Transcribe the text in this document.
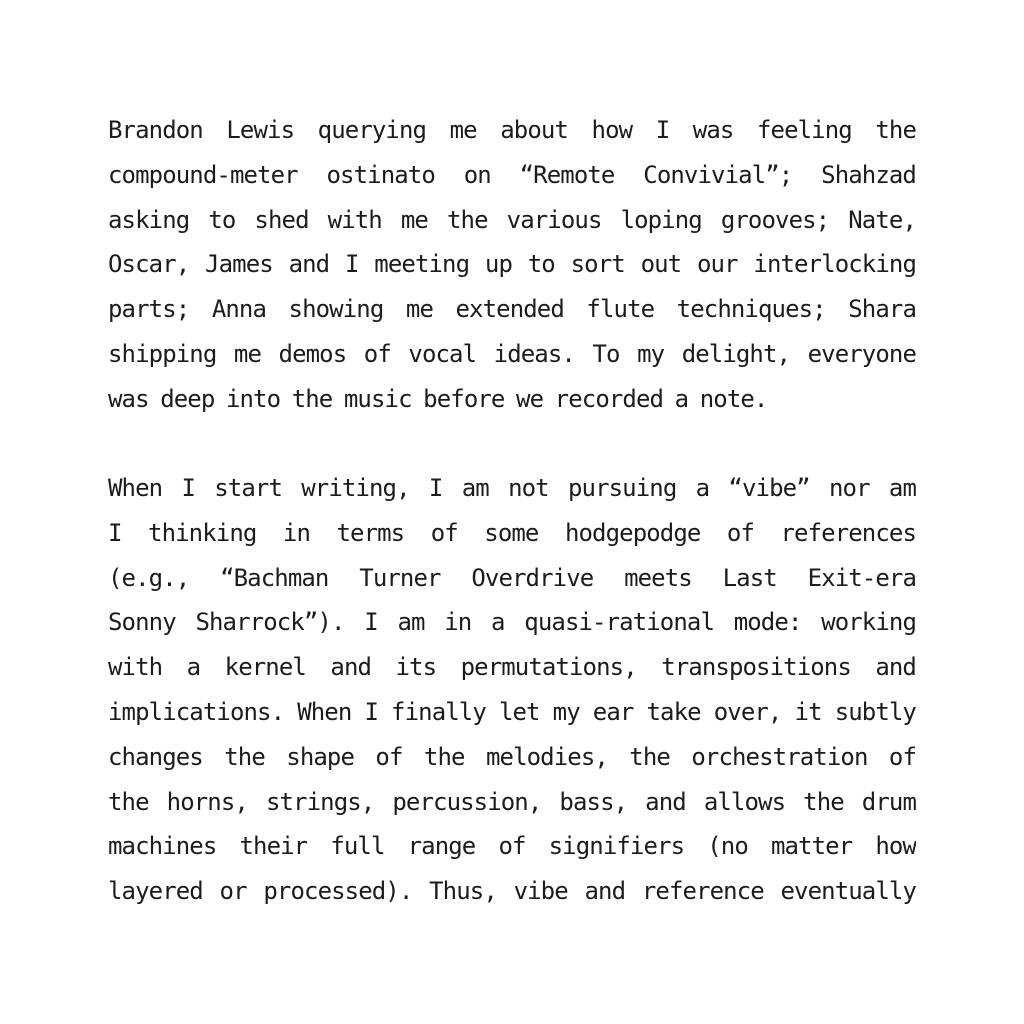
Brandon Lewis querying me about how I was feeling the
compound-meter ostinato on “Remote Convivial”; Shahzad
asking to shed with me the various loping grooves; Nate,
Oscar, James and I meeting up to sort out our interlocking
parts; Anna showing me extended flute techniques; Shara
shipping me demos of vocal ideas. To my delight, everyone
was deep into the music before we recorded a note.
When I start writing, I am not pursuing a “vibe” nor am
I thinking in terms of some hodgepodge of references
(e.g., “Bachman Turner Overdrive meets Last Exit-era
Sonny Sharrock”). I am in a quasi-rational mode: working
with a kernel and its permutations, transpositions and
implications. When I finally let my ear take over, it subtly
changes the shape of the melodies, the orchestration of
the horns, strings, percussion, bass, and allows the drum
machines their full range of signifiers (no matter how
layered or processed). Thus, vibe and reference eventually
